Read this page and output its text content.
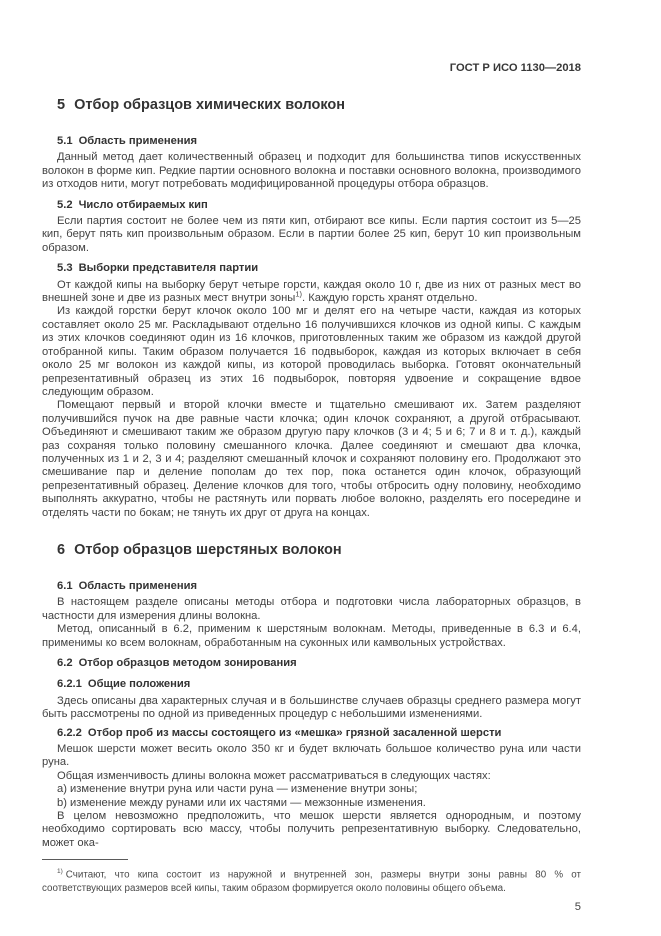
ГОСТ Р ИСО 1130—2018
5 Отбор образцов химических волокон
5.1 Область применения

Данный метод дает количественный образец и подходит для большинства типов искусственных волокон в форме кип. Редкие партии основного волокна и поставки основного волокна, производимого из отходов нити, могут потребовать модифицированной процедуры отбора образцов.

5.2 Число отбираемых кип

Если партия состоит не более чем из пяти кип, отбирают все кипы. Если партия состоит из 5—25 кип, берут пять кип произвольным образом. Если в партии более 25 кип, берут 10 кип произвольным образом.

5.3 Выборки представителя партии

От каждой кипы на выборку берут четыре горсти, каждая около 10 г, две из них от разных мест во внешней зоне и две из разных мест внутри зоны$^{1)}$. Каждую горсть хранят отдельно.

Из каждой горстки берут клочок около 100 мг и делят его на четыре части, каждая из которых составляет около 25 мг. Раскладывают отдельно 16 получившихся клочков из одной кипы. С каждым из этих клочков соединяют один из 16 клочков, приготовленных таким же образом из каждой другой отобранной кипы. Таким образом получается 16 подвыборок, каждая из которых включает в себя около 25 мг волокон из каждой кипы, из которой проводилась выборка. Готовят окончательный репрезентативный образец из этих 16 подвыборок, повторяя удвоение и сокращение вдвое следующим образом.

Помещают первый и второй клочки вместе и тщательно смешивают их. Затем разделяют получившийся пучок на две равные части клочка; один клочок сохраняют, а другой отбрасывают. Объединяют и смешивают таким же образом другую пару клочков (3 и 4; 5 и 6; 7 и 8 и т. д.), каждый раз сохраняя только половину смешанного клочка. Далее соединяют и смешают два клочка, полученных из 1 и 2, 3 и 4; разделяют смешанный клочок и сохраняют половину его. Продолжают это смешивание пар и деление пополам до тех пор, пока останется один клочок, образующий репрезентативный образец. Деление клочков для того, чтобы отбросить одну половину, необходимо выполнять аккуратно, чтобы не растянуть или порвать любое волокно, разделять его посередине и отделять части по бокам; не тянуть их друг от друга на концах.

6 Отбор образцов шерстяных волокон
6.1 Область применения

В настоящем разделе описаны методы отбора и подготовки числа лабораторных образцов, в частности для измерения длины волокна.

Метод, описанный в 6.2, применим к шерстяным волокнам. Методы, приведенные в 6.3 и 6.4, применимы ко всем волокнам, обработанным на суконных или камвольных устройствах.

6.2 Отбор образцов методом зонирования
6.2.1 Общие положения

Здесь описаны два характерных случая и в большинстве случаев образцы среднего размера могут быть рассмотрены по одной из приведенных процедур с небольшими изменениями.

6.2.2 Отбор проб из массы состоящего из «мешка» грязной засаленной шерсти

Мешок шерсти может весить около 350 кг и будет включать большое количество руна или части руна.

Общая изменчивость длины волокна может рассматриваться в следующих частях:

a) изменение внутри руна или части руна — изменение внутри зоны;

b) изменение между рунами или их частями — межзонные изменения.

В целом невозможно предположить, что мешок шерсти является однородным, и поэтому необходимо сортировать всю массу, чтобы получить репрезентативную выборку. Следовательно, может ока-

$^{1)}$ Считают, что кипа состоит из наружной и внутренней зон, размеры внутри зоны равны 80 % от соответствующих размеров всей кипы, таким образом формируется около половины общего объема.

5
